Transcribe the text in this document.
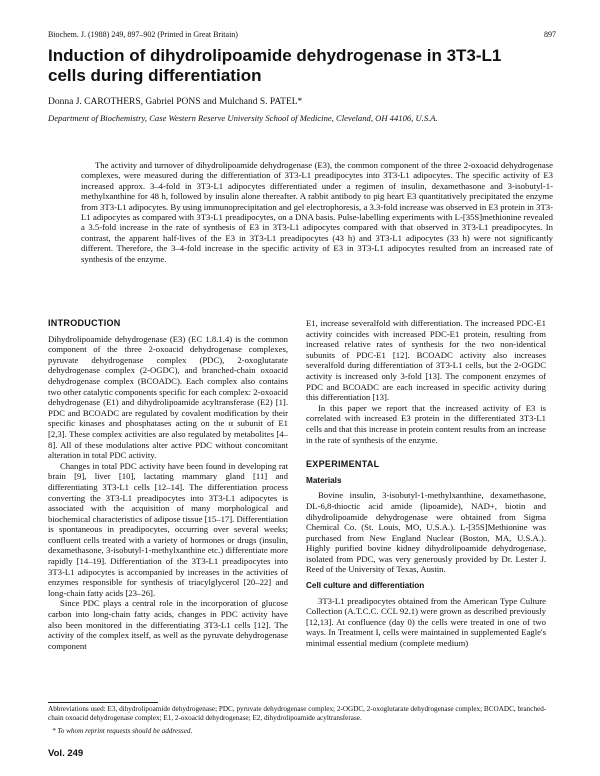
Biochem. J. (1988) 249, 897–902 (Printed in Great Britain)	897
Induction of dihydrolipoamide dehydrogenase in 3T3-L1 cells during differentiation
Donna J. CAROTHERS, Gabriel PONS and Mulchand S. PATEL*
Department of Biochemistry, Case Western Reserve University School of Medicine, Cleveland, OH 44106, U.S.A.

The activity and turnover of dihydrolipoamide dehydrogenase (E3), the common component of the three 2-oxoacid dehydrogenase complexes, were measured during the differentiation of 3T3-L1 preadipocytes into 3T3-L1 adipocytes. The specific activity of E3 increased approx. 3–4-fold in 3T3-L1 adipocytes differentiated under a regimen of insulin, dexamethasone and 3-isobutyl-1-methylxanthine for 48 h, followed by insulin alone thereafter. A rabbit antibody to pig heart E3 quantitatively precipitated the enzyme from 3T3-L1 adipocytes. By using immunoprecipitation and gel electrophoresis, a 3.3-fold increase was observed in E3 protein in 3T3-L1 adipocytes as compared with 3T3-L1 preadipocytes, on a DNA basis. Pulse-labelling experiments with L-[35S]methionine revealed a 3.5-fold increase in the rate of synthesis of E3 in 3T3-L1 adipocytes compared with that observed in 3T3-L1 preadipocytes. In contrast, the apparent half-lives of the E3 in 3T3-L1 preadipocytes (43 h) and 3T3-L1 adipocytes (33 h) were not significantly different. Therefore, the 3–4-fold increase in the specific activity of E3 in 3T3-L1 adipocytes resulted from an increased rate of synthesis of the enzyme.

INTRODUCTION

Dihydrolipoamide dehydrogenase (E3) (EC 1.8.1.4) is the common component of the three 2-oxoacid dehydrogenase complexes, pyruvate dehydrogenase complex (PDC), 2-oxoglutarate dehydrogenase complex (2-OGDC), and branched-chain oxoacid dehydrogenase complex (BCOADC). Each complex also contains two other catalytic components specific for each complex: 2-oxoacid dehydrogenase (E1) and dihydrolipoamide acyltransferase (E2) [1]. PDC and BCOADC are regulated by covalent modification by their specific kinases and phosphatases acting on the α subunit of E1 [2,3]. These complex activities are also regulated by metabolites [4–8]. All of these modulations alter active PDC without concomitant alteration in total PDC activity.

Changes in total PDC activity have been found in developing rat brain [9], liver [10], lactating mammary gland [11] and differentiating 3T3-L1 cells [12–14]. The differentiation process converting the 3T3-L1 preadipocytes into 3T3-L1 adipocytes is associated with the acquisition of many morphological and biochemical characteristics of adipose tissue [15–17]. Differentiation is spontaneous in preadipocytes, occurring over several weeks; confluent cells treated with a variety of hormones or drugs (insulin, dexamethasone, 3-isobutyl-1-methylxanthine etc.) differentiate more rapidly [14–19]. Differentiation of the 3T3-L1 preadipocytes into 3T3-L1 adipocytes is accompanied by increases in the activities of enzymes responsible for synthesis of triacylglycerol [20–22] and long-chain fatty acids [23–26].

Since PDC plays a central role in the incorporation of glucose carbon into long-chain fatty acids, changes in PDC activity have also been monitored in the differentiating 3T3-L1 cells [12]. The activity of the complex itself, as well as the pyruvate dehydrogenase component

E1, increase severalfold with differentiation. The increased PDC-E1 activity coincides with increased PDC-E1 protein, resulting from increased relative rates of synthesis for the two non-identical subunits of PDC-E1 [12]. BCOADC activity also increases severalfold during differentiation of 3T3-L1 cells, but the 2-OGDC activity is increased only 3-fold [13]. The component enzymes of PDC and BCOADC are each increased in specific activity during this differentiation [13].

In this paper we report that the increased activity of E3 is correlated with increased E3 protein in the differentiated 3T3-L1 cells and that this increase in protein content results from an increase in the rate of synthesis of the enzyme.

EXPERIMENTAL
Materials

Bovine insulin, 3-isobutyl-1-methylxanthine, dexamethasone, DL-6,8-thioctic acid amide (lipoamide), NAD+, biotin and dihydrolipoamide dehydrogenase were obtained from Sigma Chemical Co. (St. Louis, MO, U.S.A.). L-[35S]Methionine was purchased from New England Nuclear (Boston, MA, U.S.A.). Highly purified bovine kidney dihydrolipoamide dehydrogenase, isolated from PDC, was very generously provided by Dr. Lester J. Reed of the University of Texas, Austin.

Cell culture and differentiation

3T3-L1 preadipocytes obtained from the American Type Culture Collection (A.T.C.C. CCL 92.1) were grown as described previously [12,13]. At confluence (day 0) the cells were treated in one of two ways. In Treatment I, cells were maintained in supplemented Eagle's minimal essential medium (complete medium)

Abbreviations used: E3, dihydrolipoamide dehydrogenase; PDC, pyruvate dehydrogenase complex; 2-OGDC, 2-oxoglutarate dehydrogenase complex; BCOADC, branched-chain oxoacid dehydrogenase complex; E1, 2-oxoacid dehydrogenase; E2, dihydrolipoamide acyltransferase.
* To whom reprint requests should be addressed.
Vol. 249
